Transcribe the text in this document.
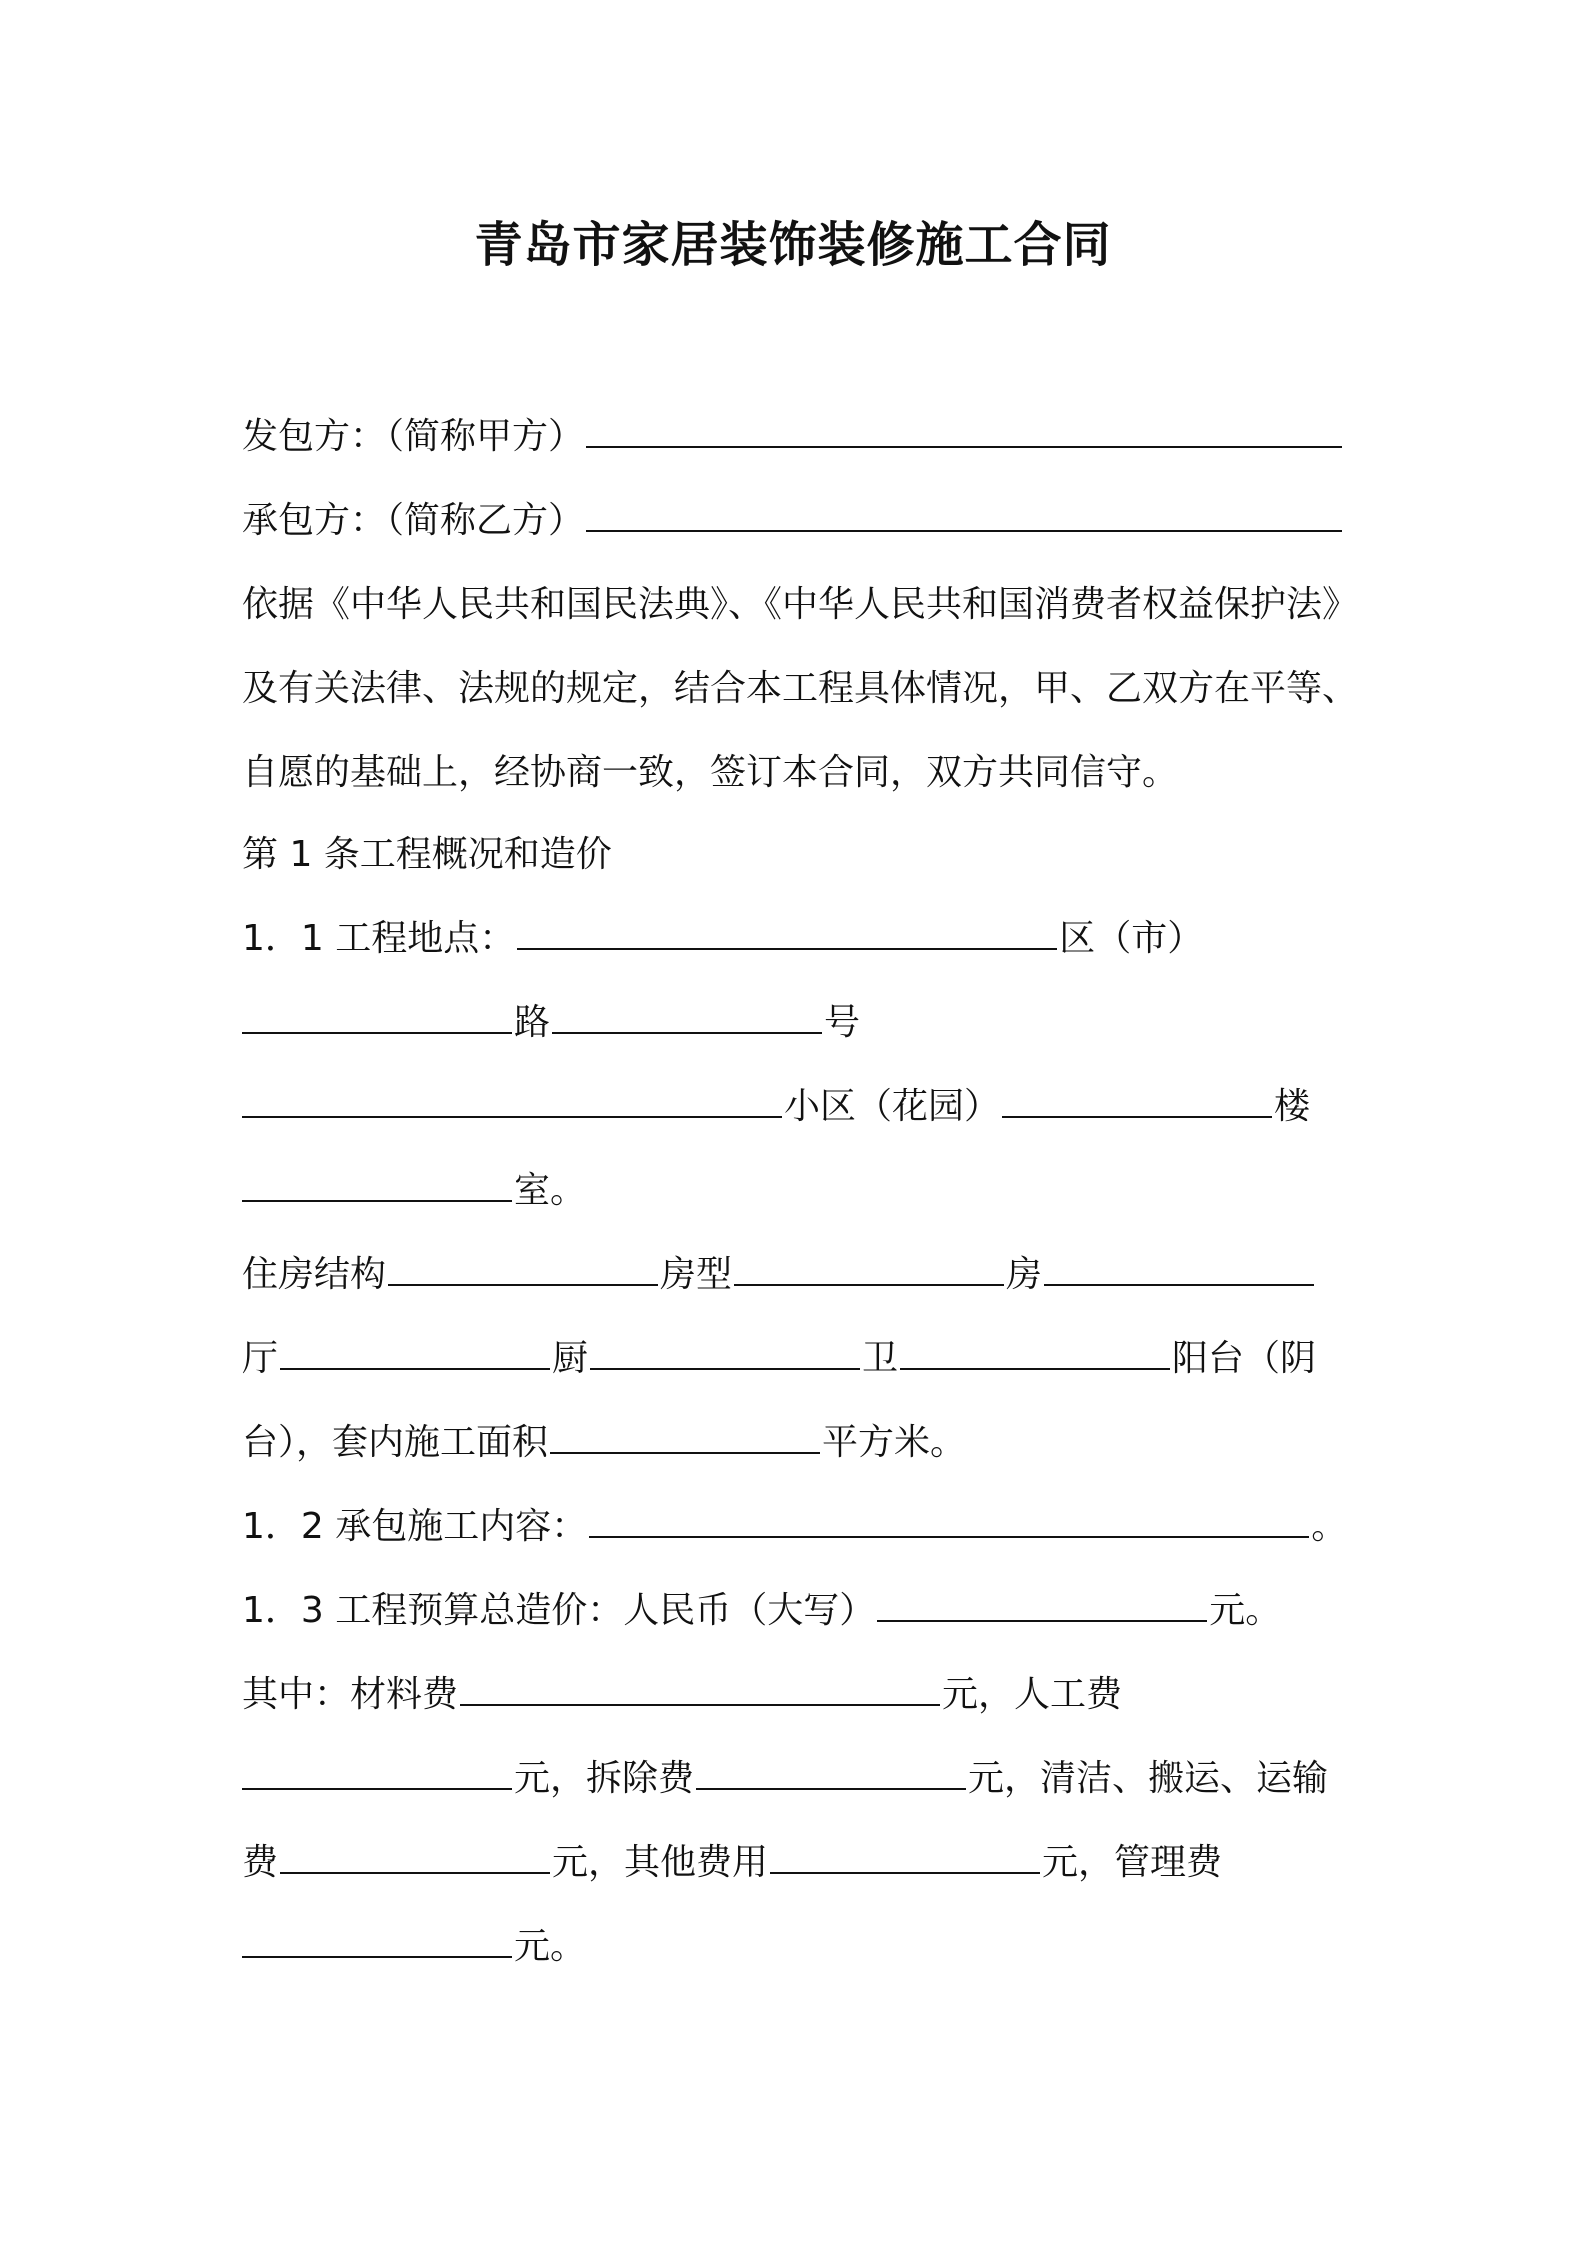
青岛市家居装饰装修施工合同
发包方：（简称甲方）
承包方：（简称乙方）
依据《中华人民共和国民法典》、《中华人民共和国消费者权益保护法》
及有关法律、法规的规定，结合本工程具体情况，甲、乙双方在平等、
自愿的基础上，经协商一致，签订本合同，双方共同信守。
第 1 条工程概况和造价
1．1 工程地点：	区（市）
路	号
小区（花园）	楼
室。
住房结构	房型	房
厅	厨	卫	阳台（阴
台），套内施工面积	平方米。
1．2 承包施工内容：	。
1．3 工程预算总造价：人民币（大写）	元。
其中：材料费	元，人工费
元，拆除费	元，清洁、搬运、运输
费	元，其他费用	元，管理费
元。
